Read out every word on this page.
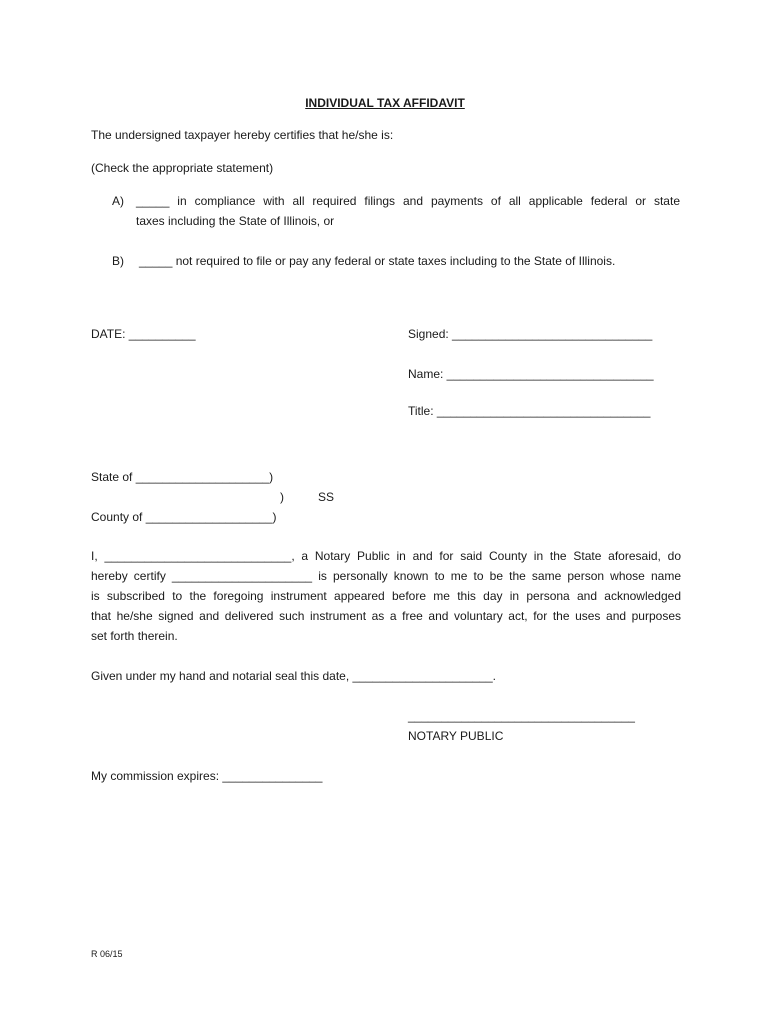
INDIVIDUAL TAX AFFIDAVIT
The undersigned taxpayer hereby certifies that he/she is:
(Check the appropriate statement)
A) _____ in compliance with all required filings and payments of all applicable federal or state
taxes including the State of Illinois, or
B) _____ not required to file or pay any federal or state taxes including to the State of Illinois.
DATE: __________	Signed: ______________________________
Name: _______________________________
Title: ________________________________
State of ____________________)
)	SS
County of ___________________)
I, ____________________________, a Notary Public in and for said County in the State aforesaid, do
hereby certify _____________________ is personally known to me to be the same person whose name
is subscribed to the foregoing instrument appeared before me this day in persona and acknowledged
that he/she signed and delivered such instrument as a free and voluntary act, for the uses and purposes
set forth therein.
Given under my hand and notarial seal this date, _____________________.
__________________________________
NOTARY PUBLIC
My commission expires: _______________
R 06/15
